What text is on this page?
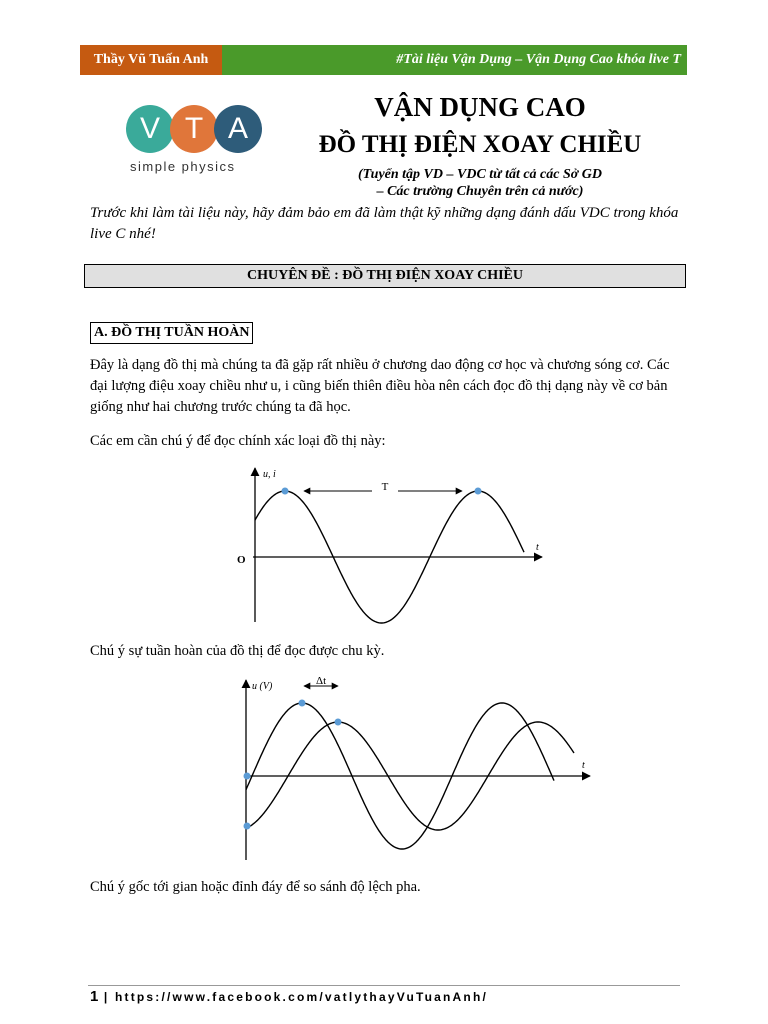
Thầy Vũ Tuấn Anh	#Tài liệu Vận Dụng – Vận Dụng Cao khóa live T
V T A
simple physics
VẬN DỤNG CAO
ĐỒ THỊ ĐIỆN XOAY CHIỀU
(Tuyển tập VD – VDC từ tất cả các Sở GD
– Các trường Chuyên trên cả nước)
Trước khi làm tài liệu này, hãy đảm bảo em đã làm thật kỹ những dạng đánh dấu VDC trong khóa live C nhé!
CHUYÊN ĐỀ : ĐỒ THỊ ĐIỆN XOAY CHIỀU
A. ĐỒ THỊ TUẦN HOÀN
Đây là dạng đồ thị mà chúng ta đã gặp rất nhiều ở chương dao động cơ học và chương sóng cơ. Các đại lượng điệu xoay chiều như u, i cũng biến thiên điều hòa nên cách đọc đồ thị dạng này về cơ bản giống như hai chương trước chúng ta đã học.
Các em cần chú ý để đọc chính xác loại đồ thị này:
T
u, i
t
O
Chú ý sự tuần hoàn của đồ thị để đọc được chu kỳ.
Δt
u (V)
t
Chú ý gốc tới gian hoặc đỉnh đáy để so sánh độ lệch pha.
1 | https://www.facebook.com/vatlythayVuTuanAnh/
